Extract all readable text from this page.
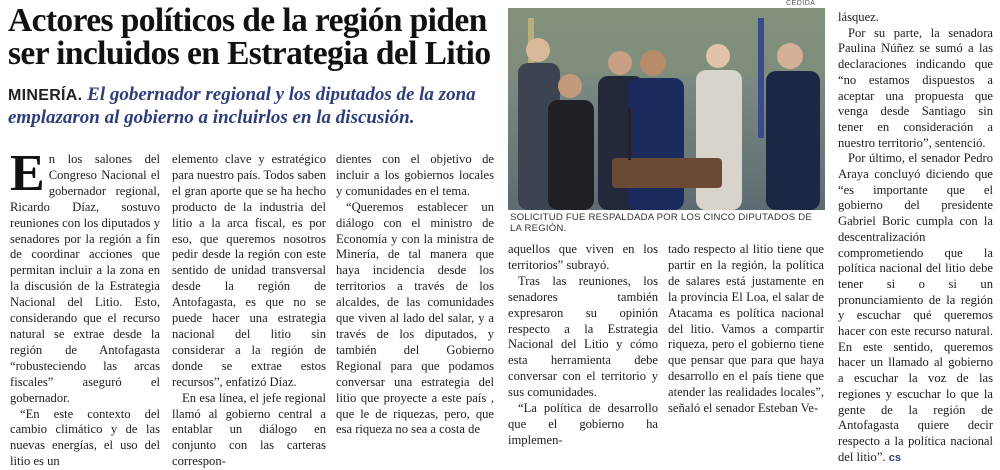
Actores políticos de la región piden ser incluidos en Estrategia del Litio
MINERÍA. El gobernador regional y los diputados de la zona emplazaron al gobierno a incluirlos en la discusión.

En los salones del Congreso Nacional el gobernador regional, Ricardo Díaz, sostuvo reuniones con los diputados y senadores por la región a fin de coordinar acciones que permitan incluir a la zona en la discusión de la Estrategia Nacional del Litio. Esto, considerando que el recurso natural se extrae desde la región de Antofagasta “robusteciendo las arcas fiscales” aseguró el gobernador.

“En este contexto del cambio climático y de las nuevas energías, el uso del litio es un

elemento clave y estratégico para nuestro país. Todos saben el gran aporte que se ha hecho producto de la industria del litio a la arca fiscal, es por eso, que queremos nosotros pedir desde la región con este sentido de unidad transversal desde la región de Antofagasta, es que no se puede hacer una estrategia nacional del litio sin considerar a la región de donde se extrae estos recursos”, enfatizó Díaz.

En esa línea, el jefe regional llamó al gobierno central a entablar un diálogo en conjunto con las carteras correspon-

dientes con el objetivo de incluir a los gobiernos locales y comunidades en el tema.

“Queremos establecer un diálogo con el ministro de Economía y con la ministra de Minería, de tal manera que haya incidencia desde los territorios a través de los alcaldes, de las comunidades que viven al lado del salar, y a través de los diputados, y también del Gobierno Regional para que podamos conversar una estrategia del litio que proyecte a este país , que le de riquezas, pero, que esa riqueza no sea a costa de

CEDIDA
SOLICITUD FUE RESPALDADA POR LOS CINCO DIPUTADOS DE LA REGIÓN.

aquellos que viven en los territorios” subrayó.

Tras las reuniones, los senadores también expresaron su opinión respecto a la Estrategia Nacional del Litio y cómo esta herramienta debe conversar con el territorio y sus comunidades.

“La política de desarrollo que el gobierno ha implemen-

tado respecto al litio tiene que partir en la región, la política de salares está justamente en la provincia El Loa, el salar de Atacama es política nacional del litio. Vamos a compartir riqueza, pero el gobierno tiene que pensar que para que haya desarrollo en el país tiene que atender las realidades locales”, señaló el senador Esteban Ve-

lásquez.

Por su parte, la senadora Paulina Núñez se sumó a las declaraciones indicando que “no estamos dispuestos a aceptar una propuesta que venga desde Santiago sin tener en consideración a nuestro territorio”, sentenció.

Por último, el senador Pedro Araya concluyó diciendo que “es importante que el gobierno del presidente Gabriel Boric cumpla con la descentralización comprometiendo que la política nacional del litio debe tener si o si un pronunciamiento de la región y escuchar qué queremos hacer con este recurso natural. En este sentido, queremos hacer un llamado al gobierno a escuchar la voz de las regiones y escuchar lo que la gente de la región de Antofagasta quiere decir respecto a la política nacional del litio”. cs
